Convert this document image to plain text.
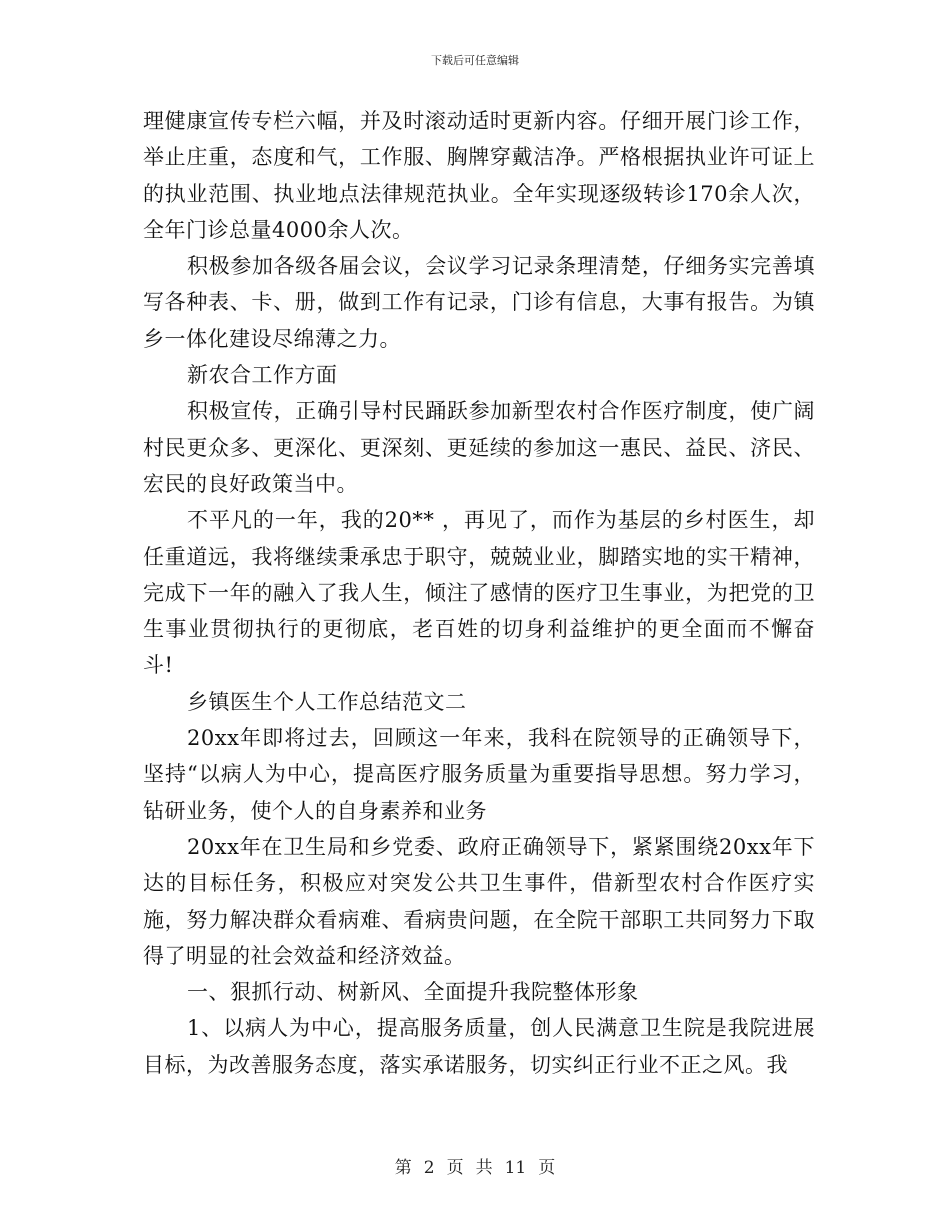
下载后可任意编辑

理健康宣传专栏六幅，并及时滚动适时更新内容。仔细开展门诊工作，举止庄重，态度和气，工作服、胸牌穿戴洁净。严格根据执业许可证上的执业范围、执业地点法律规范执业。全年实现逐级转诊170余人次，全年门诊总量4000余人次。

积极参加各级各届会议，会议学习记录条理清楚，仔细务实完善填写各种表、卡、册，做到工作有记录，门诊有信息，大事有报告。为镇乡一体化建设尽绵薄之力。

新农合工作方面

积极宣传，正确引导村民踊跃参加新型农村合作医疗制度，使广阔村民更众多、更深化、更深刻、更延续的参加这一惠民、益民、济民、宏民的良好政策当中。

不平凡的一年，我的20** ，再见了，而作为基层的乡村医生，却任重道远，我将继续秉承忠于职守，兢兢业业，脚踏实地的实干精神，完成下一年的融入了我人生，倾注了感情的医疗卫生事业，为把党的卫生事业贯彻执行的更彻底，老百姓的切身利益维护的更全面而不懈奋斗!

乡镇医生个人工作总结范文二

20xx年即将过去，回顾这一年来，我科在院领导的正确领导下，坚持“以病人为中心，提高医疗服务质量为重要指导思想。努力学习，钻研业务，使个人的自身素养和业务

20xx年在卫生局和乡党委、政府正确领导下，紧紧围绕20xx年下达的目标任务，积极应对突发公共卫生事件，借新型农村合作医疗实施，努力解决群众看病难、看病贵问题，在全院干部职工共同努力下取得了明显的社会效益和经济效益。

一、狠抓行动、树新风、全面提升我院整体形象

1、以病人为中心，提高服务质量，创人民满意卫生院是我院进展目标，为改善服务态度，落实承诺服务，切实纠正行业不正之风。我

第 2 页 共 11 页
